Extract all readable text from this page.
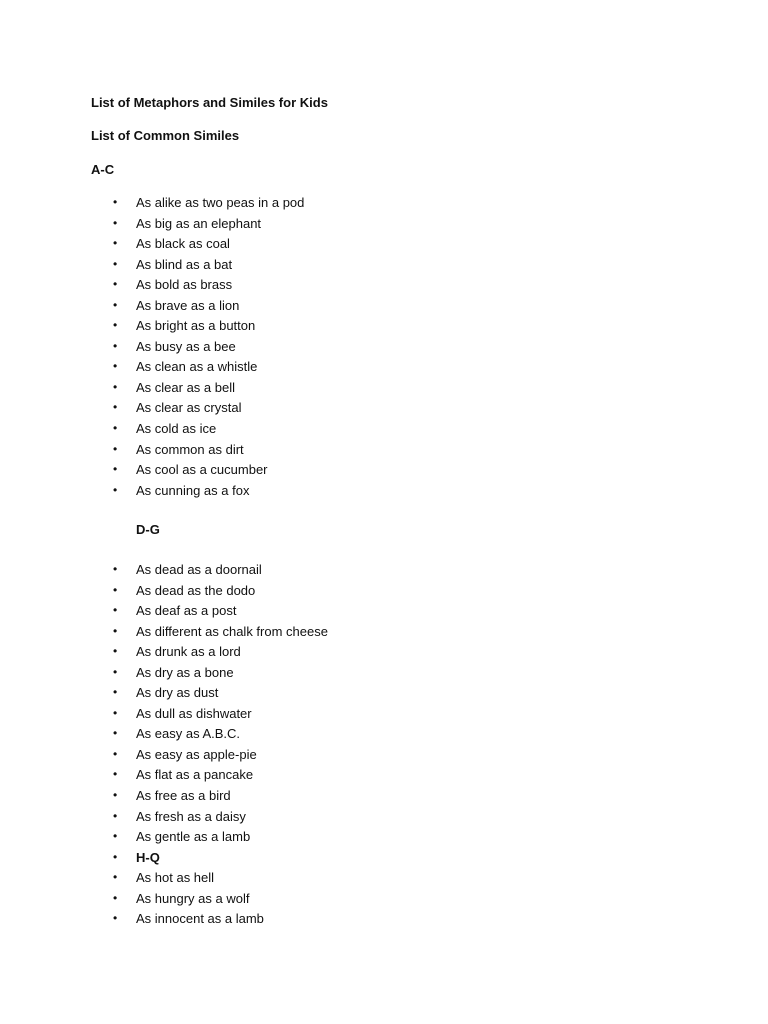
List of Metaphors and Similes for Kids
List of Common Similes
A-C
• As alike as two peas in a pod
• As big as an elephant
• As black as coal
• As blind as a bat
• As bold as brass
• As brave as a lion
• As bright as a button
• As busy as a bee
• As clean as a whistle
• As clear as a bell
• As clear as crystal
• As cold as ice
• As common as dirt
• As cool as a cucumber
• As cunning as a fox
D-G
• As dead as a doornail
• As dead as the dodo
• As deaf as a post
• As different as chalk from cheese
• As drunk as a lord
• As dry as a bone
• As dry as dust
• As dull as dishwater
• As easy as A.B.C.
• As easy as apple-pie
• As flat as a pancake
• As free as a bird
• As fresh as a daisy
• As gentle as a lamb
• H-Q
• As hot as hell
• As hungry as a wolf
• As innocent as a lamb
